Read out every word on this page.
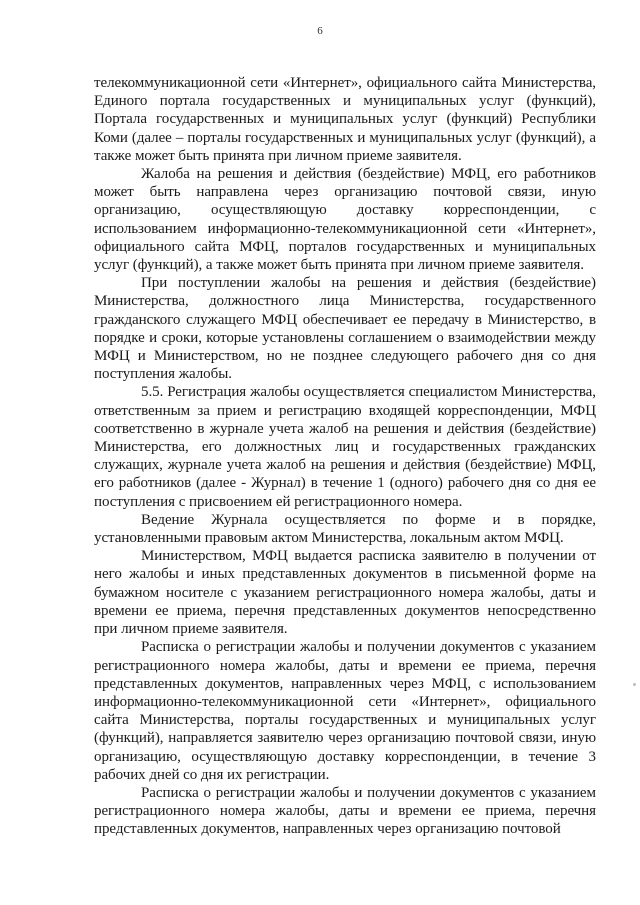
6

телекоммуникационной сети «Интернет», официального сайта Министерства, Единого портала государственных и муниципальных услуг (функций), Портала государственных и муниципальных услуг (функций) Республики Коми (далее – порталы государственных и муниципальных услуг (функций), а также может быть принята при личном приеме заявителя.

Жалоба на решения и действия (бездействие) МФЦ, его работников может быть направлена через организацию почтовой связи, иную организацию, осуществляющую доставку корреспонденции, с использованием информационно-телекоммуникационной сети «Интернет», официального сайта МФЦ, порталов государственных и муниципальных услуг (функций), а также может быть принята при личном приеме заявителя.

При поступлении жалобы на решения и действия (бездействие) Министерства, должностного лица Министерства, государственного гражданского служащего МФЦ обеспечивает ее передачу в Министерство, в порядке и сроки, которые установлены соглашением о взаимодействии между МФЦ и Министерством, но не позднее следующего рабочего дня со дня поступления жалобы.

5.5. Регистрация жалобы осуществляется специалистом Министерства, ответственным за прием и регистрацию входящей корреспонденции, МФЦ соответственно в журнале учета жалоб на решения и действия (бездействие) Министерства, его должностных лиц и государственных гражданских служащих, журнале учета жалоб на решения и действия (бездействие) МФЦ, его работников (далее - Журнал) в течение 1 (одного) рабочего дня со дня ее поступления с присвоением ей регистрационного номера.

Ведение Журнала осуществляется по форме и в порядке, установленными правовым актом Министерства, локальным актом МФЦ.

Министерством, МФЦ выдается расписка заявителю в получении от него жалобы и иных представленных документов в письменной форме на бумажном носителе с указанием регистрационного номера жалобы, даты и времени ее приема, перечня представленных документов непосредственно при личном приеме заявителя.

Расписка о регистрации жалобы и получении документов с указанием регистрационного номера жалобы, даты и времени ее приема, перечня представленных документов, направленных через МФЦ, с использованием информационно-телекоммуникационной сети «Интернет», официального сайта Министерства, порталы государственных и муниципальных услуг (функций), направляется заявителю через организацию почтовой связи, иную организацию, осуществляющую доставку корреспонденции, в течение 3 рабочих дней со дня их регистрации.

Расписка о регистрации жалобы и получении документов с указанием регистрационного номера жалобы, даты и времени ее приема, перечня представленных документов, направленных через организацию почтовой
